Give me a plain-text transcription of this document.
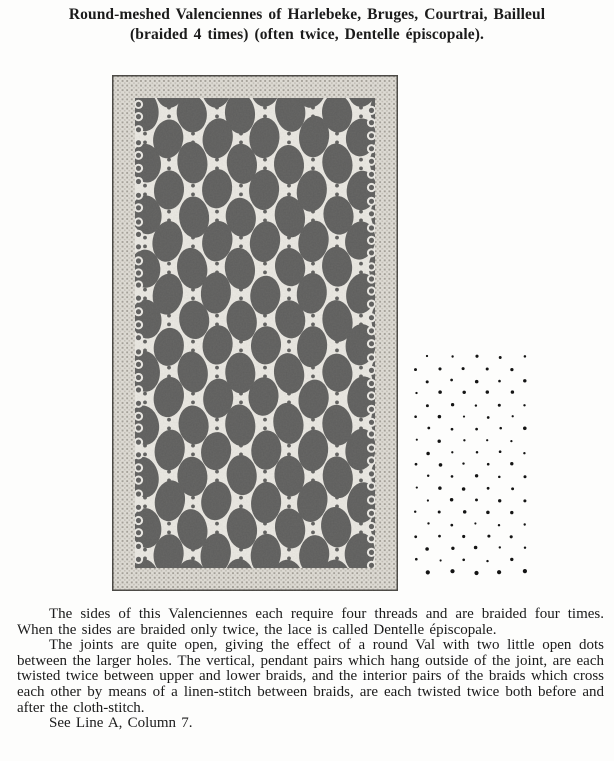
Round-meshed Valenciennes of Harlebeke, Bruges, Courtrai, Bailleul
(braided 4 times) (often twice, Dentelle épiscopale).

The sides of this Valenciennes each require four threads and are braided four times. When the sides are braided only twice, the lace is called Dentelle épiscopale.

The joints are quite open, giving the effect of a round Val with two little open dots between the larger holes. The vertical, pendant pairs which hang outside of the joint, are each twisted twice between upper and lower braids, and the interior pairs of the braids which cross each other by means of a linen-stitch between braids, are each twisted twice both before and after the cloth-stitch.

See Line A, Column 7.
